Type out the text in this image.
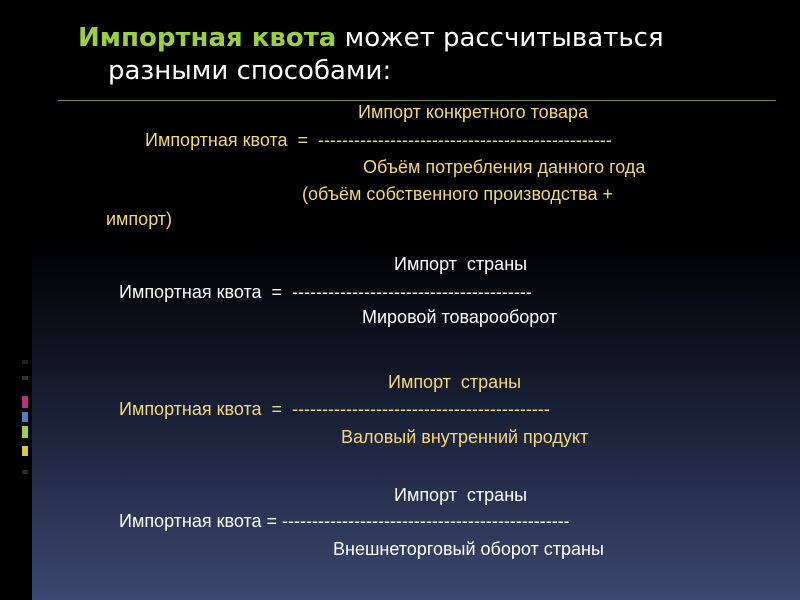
Импортная квота может рассчитываться
разными способами:
Импорт конкретного товара
Импортная квота  =  -------------------------------------------------
Объём потребления данного года
(объём собственного производства +
импорт)
Импорт  страны
Импортная квота  =  ----------------------------------------
Мировой товарооборот
Импорт  страны
Импортная квота  =  -------------------------------------------
Валовый внутренний продукт
Импорт  страны
Импортная квота = ------------------------------------------------
Внешнеторговый оборот страны
